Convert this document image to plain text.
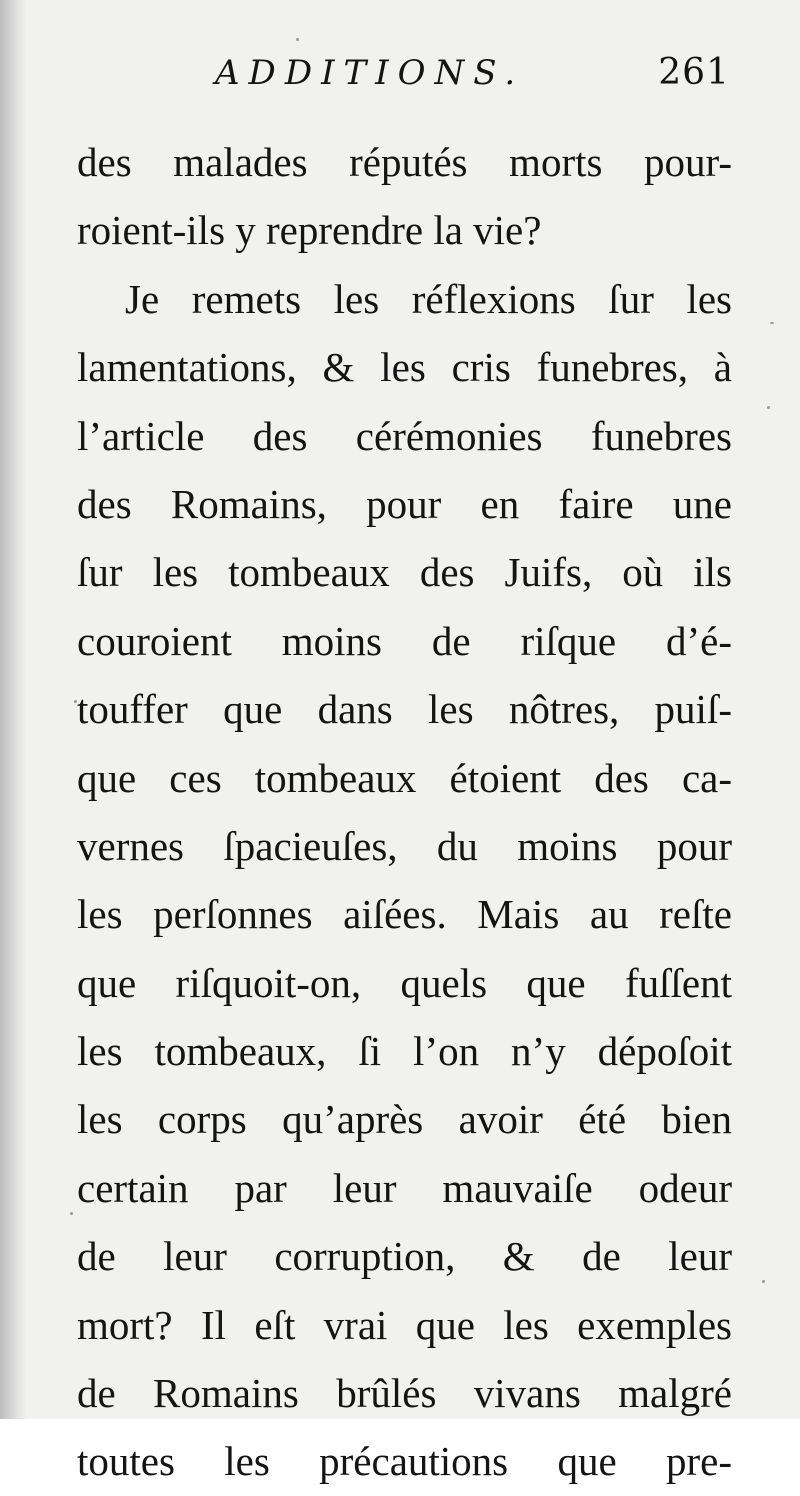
ADDITIONS.	261
des malades réputés morts pour-
roient-ils y reprendre la vie?
Je remets les réflexions ſur les
lamentations, & les cris funebres, à
l’article des cérémonies funebres
des Romains, pour en faire une
ſur les tombeaux des Juifs, où ils
couroient moins de riſque d’é-
touffer que dans les nôtres, puiſ-
que ces tombeaux étoient des ca-
vernes ſpacieuſes, du moins pour
les perſonnes aiſées. Mais au reſte
que riſquoit-on, quels que fuſſent
les tombeaux, ſi l’on n’y dépoſoit
les corps qu’après avoir été bien
certain par leur mauvaiſe odeur
de leur corruption, & de leur
mort? Il eſt vrai que les exemples
de Romains brûlés vivans malgré
toutes les précautions que pre-
